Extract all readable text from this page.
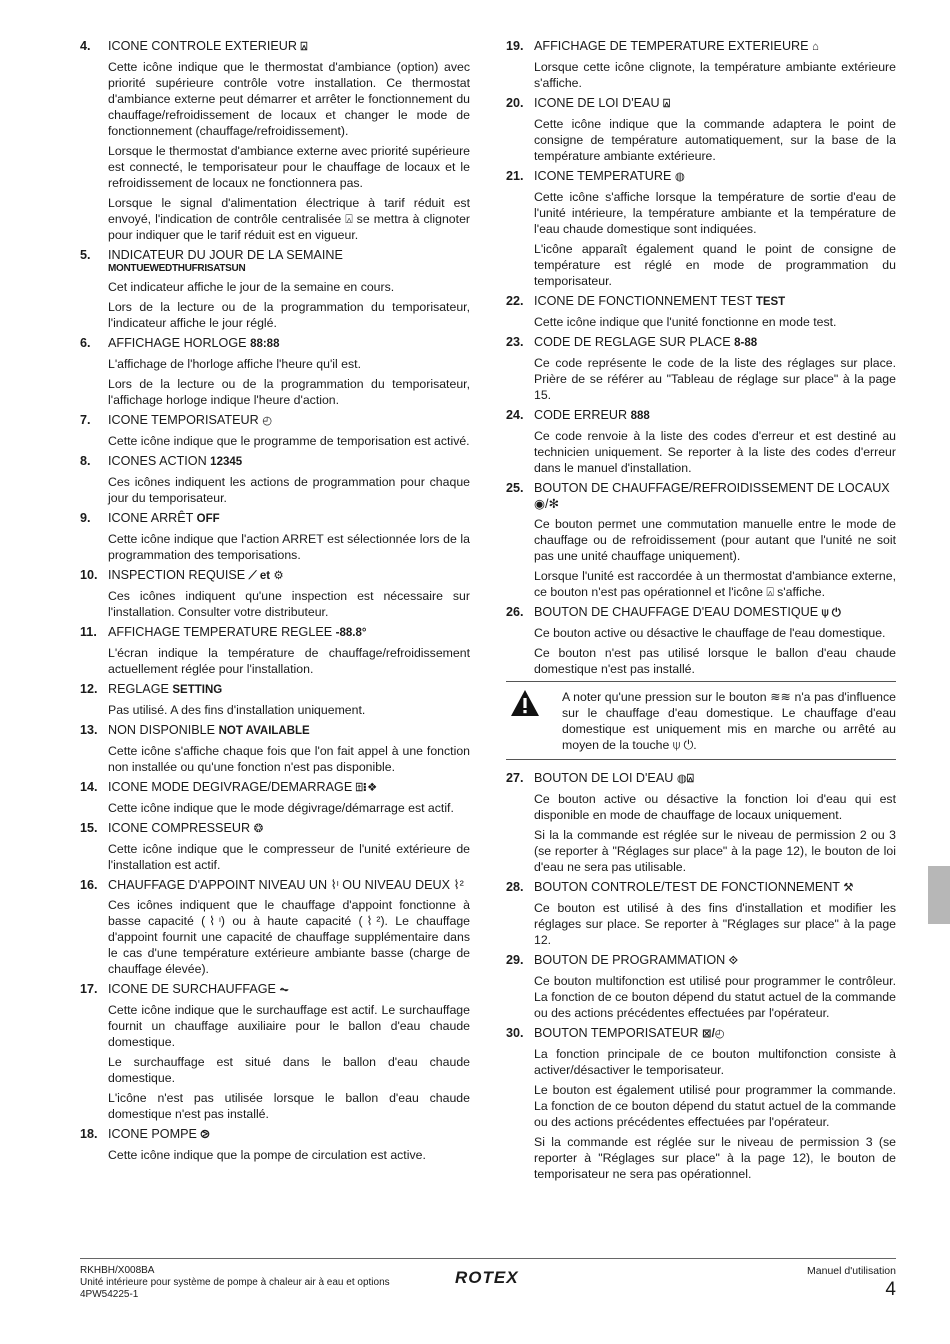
4.	ICONE CONTROLE EXTERIEUR ⍓
Cette icône indique que le thermostat d'ambiance (option) avec priorité supérieure contrôle votre installation. Ce thermostat d'ambiance externe peut démarrer et arrêter le fonctionnement du chauffage/refroidissement de locaux et changer le mode de fonctionnement (chauffage/refroidissement).
Lorsque le thermostat d'ambiance externe avec priorité supérieure est connecté, le temporisateur pour le chauffage de locaux et le refroidissement de locaux ne fonctionnera pas.
Lorsque le signal d'alimentation électrique à tarif réduit est envoyé, l'indication de contrôle centralisée ⍓ se mettra à clignoter pour indiquer que le tarif réduit est en vigueur.
5.	INDICATEUR DU JOUR DE LA SEMAINE
MONTUEWEDTHUFRISATSUN
Cet indicateur affiche le jour de la semaine en cours.
Lors de la lecture ou de la programmation du temporisateur, l'indicateur affiche le jour réglé.
6.	AFFICHAGE HORLOGE 88:88
L'affichage de l'horloge affiche l'heure qu'il est.
Lors de la lecture ou de la programmation du temporisateur, l'affichage horloge indique l'heure d'action.
7.	ICONE TEMPORISATEUR ◴
Cette icône indique que le programme de temporisation est activé.
8.	ICONES ACTION 12345
Ces icônes indiquent les actions de programmation pour chaque jour du temporisateur.
9.	ICONE ARRÊT OFF
Cette icône indique que l'action ARRET est sélectionnée lors de la programmation des temporisations.
10. INSPECTION REQUISE ⟋ et ⚙
Ces icônes indiquent qu'une inspection est nécessaire sur l'installation. Consulter votre distributeur.
11. AFFICHAGE TEMPERATURE REGLEE -88.8°
L'écran indique la température de chauffage/refroidissement actuellement réglée pour l'installation.
12. REGLAGE SETTING
Pas utilisé. A des fins d'installation uniquement.
13. NON DISPONIBLE NOT AVAILABLE
Cette icône s'affiche chaque fois que l'on fait appel à une fonction non installée ou qu'une fonction n'est pas disponible.
14. ICONE MODE DEGIVRAGE/DEMARRAGE ⍐⁝❖
Cette icône indique que le mode dégivrage/démarrage est actif.
15. ICONE COMPRESSEUR ❂
Cette icône indique que le compresseur de l'unité extérieure de l'installation est actif.
16. CHAUFFAGE D'APPOINT NIVEAU UN ⌇ᶦ OU NIVEAU DEUX ⌇²
Ces icônes indiquent que le chauffage d'appoint fonctionne à basse capacité (⌇ᶦ) ou à haute capacité (⌇²). Le chauffage d'appoint fournit une capacité de chauffage supplémentaire dans le cas d'une température extérieure ambiante basse (charge de chauffage élevée).
17. ICONE DE SURCHAUFFAGE ⏦
Cette icône indique que le surchauffage est actif. Le surchauffage fournit un chauffage auxiliaire pour le ballon d'eau chaude domestique.
Le surchauffage est situé dans le ballon d'eau chaude domestique.
L'icône n'est pas utilisée lorsque le ballon d'eau chaude domestique n'est pas installé.
18. ICONE POMPE ⧁
Cette icône indique que la pompe de circulation est active.
19. AFFICHAGE DE TEMPERATURE EXTERIEURE ⌂
Lorsque cette icône clignote, la température ambiante extérieure s'affiche.
20. ICONE DE LOI D'EAU ⍓
Cette icône indique que la commande adaptera le point de consigne de température automatiquement, sur la base de la température ambiante extérieure.
21. ICONE TEMPERATURE ◍
Cette icône s'affiche lorsque la température de sortie d'eau de l'unité intérieure, la température ambiante et la température de l'eau chaude domestique sont indiquées.
L'icône apparaît également quand le point de consigne de température est réglé en mode de programmation du temporisateur.
22. ICONE DE FONCTIONNEMENT TEST TEST
Cette icône indique que l'unité fonctionne en mode test.
23. CODE DE REGLAGE SUR PLACE 8-88
Ce code représente le code de la liste des réglages sur place. Prière de se référer au "Tableau de réglage sur place" à la page 15.
24. CODE ERREUR 888
Ce code renvoie à la liste des codes d'erreur et est destiné au technicien uniquement. Se reporter à la liste des codes d'erreur dans le manuel d'installation.
25. BOUTON DE CHAUFFAGE/REFROIDISSEMENT DE LOCAUX ◉/✻
Ce bouton permet une commutation manuelle entre le mode de chauffage ou de refroidissement (pour autant que l'unité ne soit pas une unité chauffage uniquement).
Lorsque l'unité est raccordée à un thermostat d'ambiance externe, ce bouton n'est pas opérationnel et l'icône ⍓ s'affiche.
26. BOUTON DE CHAUFFAGE D'EAU DOMESTIQUE ⍦ ⏻
Ce bouton active ou désactive le chauffage de l'eau domestique.
Ce bouton n'est pas utilisé lorsque le ballon d'eau chaude domestique n'est pas installé.
A noter qu'une pression sur le bouton ≋≋ n'a pas d'influence sur le chauffage d'eau domestique. Le chauffage d'eau domestique est uniquement mis en marche ou arrêté au moyen de la touche ⍦ ⏻.
27. BOUTON DE LOI D'EAU ◍⍓
Ce bouton active ou désactive la fonction loi d'eau qui est disponible en mode de chauffage de locaux uniquement.
Si la la commande est réglée sur le niveau de permission 2 ou 3 (se reporter à "Réglages sur place" à la page 12), le bouton de loi d'eau ne sera pas utilisable.
28. BOUTON CONTROLE/TEST DE FONCTIONNEMENT ⚒
Ce bouton est utilisé à des fins d'installation et modifier les réglages sur place. Se reporter à "Réglages sur place" à la page 12.
29. BOUTON DE PROGRAMMATION ⟐
Ce bouton multifonction est utilisé pour programmer le contrôleur. La fonction de ce bouton dépend du statut actuel de la commande ou des actions précédentes effectuées par l'opérateur.
30. BOUTON TEMPORISATEUR ⊠/◴
La fonction principale de ce bouton multifonction consiste à activer/désactiver le temporisateur.
Le bouton est également utilisé pour programmer la commande. La fonction de ce bouton dépend du statut actuel de la commande ou des actions précédentes effectuées par l'opérateur.
Si la commande est réglée sur le niveau de permission 3 (se reporter à "Réglages sur place" à la page 12), le bouton de temporisateur ne sera pas opérationnel.
RKHBH/X008BA
Unité intérieure pour système de pompe à chaleur air à eau et options
4PW54225-1
ROTEX	Manuel d'utilisation
4
